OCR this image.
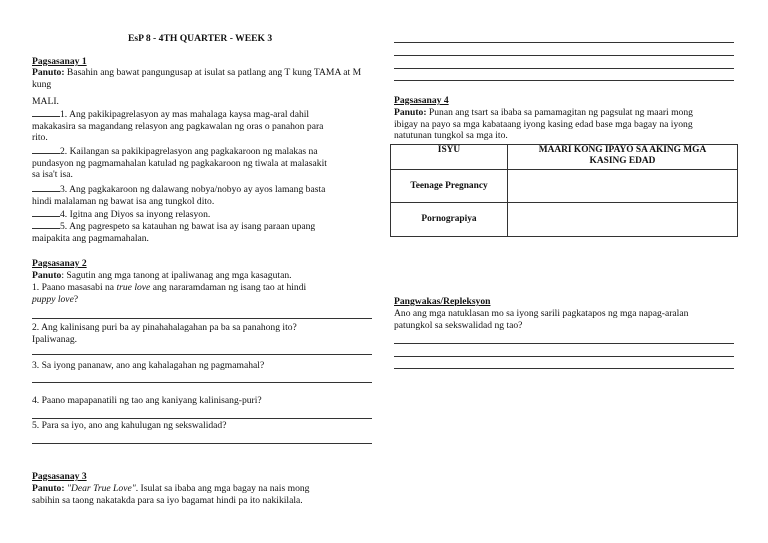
EsP 8 - 4TH QUARTER - WEEK 3
Pagsasanay 1
Panuto: Basahin ang bawat pangungusap at isulat sa patlang ang T kung TAMA at M kung
MALI.
1. Ang pakikipagrelasyon ay mas mahalaga kaysa mag-aral dahil
makakasira sa magandang relasyon ang pagkawalan ng oras o panahon para
rito.
2. Kailangan sa pakikipagrelasyon ang pagkakaroon ng malakas na
pundasyon ng pagmamahalan katulad ng pagkakaroon ng tiwala at malasakit
sa isa't isa.
3. Ang pagkakaroon ng dalawang nobya/nobyo ay ayos lamang basta
hindi malalaman ng bawat isa ang tungkol dito.
4. Igitna ang Diyos sa inyong relasyon.
5. Ang pagrespeto sa katauhan ng bawat isa ay isang paraan upang
maipakita ang pagmamahalan.
Pagsasanay 2
Panuto: Sagutin ang mga tanong at ipaliwanag ang mga kasagutan.
1. Paano masasabi na true love ang nararamdaman ng isang tao at hindi
puppy love?
2. Ang kalinisang puri ba ay pinahahalagahan pa ba sa panahong ito?
Ipaliwanag.
3. Sa iyong pananaw, ano ang kahalagahan ng pagmamahal?
4. Paano mapapanatili ng tao ang kaniyang kalinisang-puri?
5. Para sa iyo, ano ang kahulugan ng sekswalidad?
Pagsasanay 3
Panuto: "Dear True Love". Isulat sa ibaba ang mga bagay na nais mong
sabihin sa taong nakatakda para sa iyo bagamat hindi pa ito nakikilala.
Pagsasanay 4
Panuto: Punan ang tsart sa ibaba sa pamamagitan ng pagsulat ng maari mong
ibigay na payo sa mga kabataang iyong kasing edad base mga bagay na iyong
natutunan tungkol sa mga ito.
ISYU	MAARI KONG IPAYO SA AKING MGA
KASING EDAD

Teenage Pregnancy	
Pornograpiya	
Pangwakas/Repleksyon
Ano ang mga natuklasan mo sa iyong sarili pagkatapos ng mga napag-aralan
patungkol sa sekswalidad ng tao?
